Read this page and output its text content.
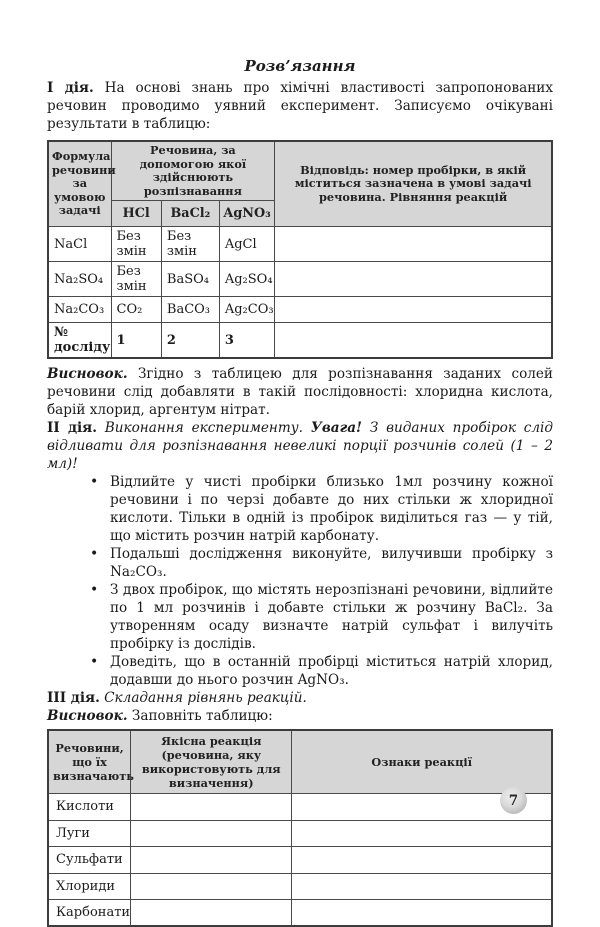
Розв’язання

І дія. На основі знань про хімічні властивості запропонованих речовин проводимо уявний експеримент. Записуємо очікувані результати в таблицю:

Формула речовини за умовою задачі	Речовина, за допомогою якої здійснюють розпізнавання			Відповідь: номер пробірки, в якій міститься зазначена в умові задачі речовина. Рівняння реакцій
	HCl	BaCl₂	AgNO₃	
NaCl	Без змін	Без змін	AgCl	
Na₂SO₄	Без змін	BaSO₄	Ag₂SO₄	
Na₂CO₃	CO₂	BaCO₃	Ag₂CO₃	
№ досліду	1	2	3	

Висновок. Згідно з таблицею для розпізнавання заданих солей речовини слід добавляти в такій послідовності: хлоридна кислота, барій хлорид, аргентум нітрат.

ІІ дія. Виконання експерименту. Увага! З виданих пробірок слід відливати для розпізнавання невеликі порції розчинів солей (1 – 2 мл)!

• Відлийте у чисті пробірки близько 1мл розчину кожної речовини і по черзі добавте до них стільки ж хлоридної кислоти. Тільки в одній із пробірок виділиться газ — у тій, що містить розчин натрій карбонату.
• Подальші дослідження виконуйте, вилучивши пробірку з Na₂CO₃.
• З двох пробірок, що містять нерозпізнані речовини, відлийте по 1 мл розчинів і добавте стільки ж розчину BaCl₂. За утворенням осаду визначте натрій сульфат і вилучіть пробірку із дослідів.
• Доведіть, що в останній пробірці міститься натрій хлорид, додавши до нього розчин AgNO₃.

ІІІ дія. Складання рівнянь реакцій.

Висновок. Заповніть таблицю:

Речовини, що їх визначають	Якісна реакція (речовина, яку використовують для визначення)	Ознаки реакції
Кислоти		
Луги		
Сульфати		
Хлориди		
Карбонати		
7
